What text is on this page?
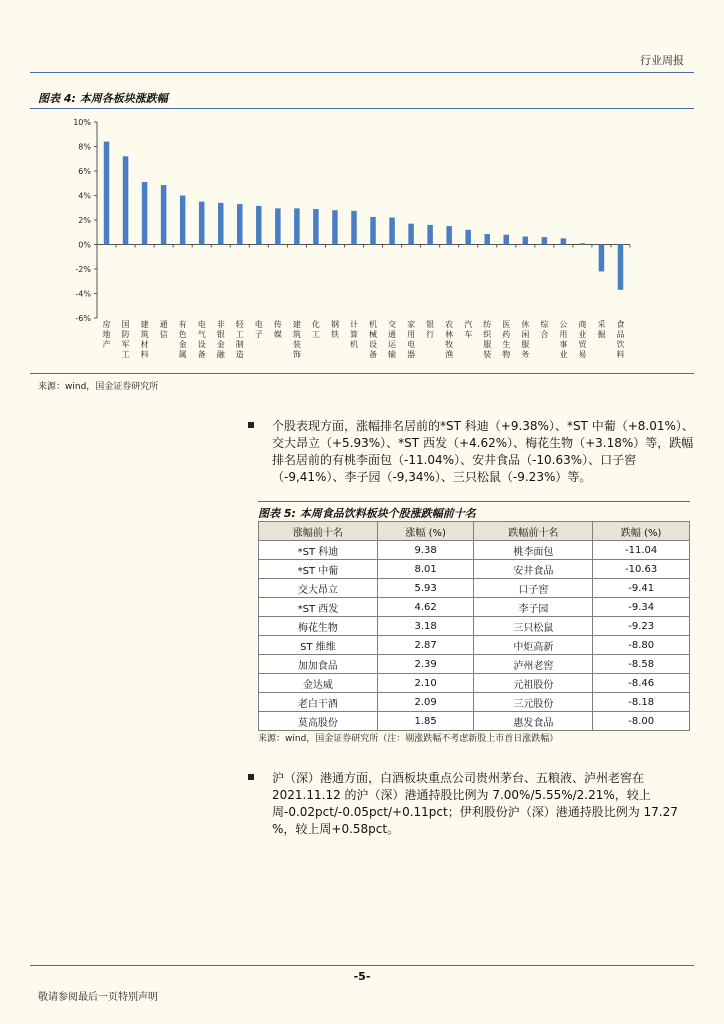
行业周报
图表 4: 本周各板块涨跌幅
10%
8%
6%
4%
2%
0%
-2%
-4%
-6%
房地产
国防军工
建筑材料
通信
有色金属
电气设备
非银金融
轻工制造
电子
传媒
建筑装饰
化工
钢铁
计算机
机械设备
交通运输
家用电器
银行
农林牧渔
汽车
纺织服装
医药生物
休闲服务
综合
公用事业
商业贸易
采掘
食品饮料
来源：wind，国金证券研究所
个股表现方面，涨幅排名居前的*ST 科迪（+9.38%）、*ST 中葡（+8.01%）、交大昂立（+5.93%）、*ST 西发（+4.62%）、梅花生物（+3.18%）等，跌幅排名居前的有桃李面包（-11.04%）、安井食品（-10.63%）、口子窖（-9,41%）、李子园（-9,34%）、三只松鼠（-9.23%）等。
图表 5: 本周食品饮料板块个股涨跌幅前十名
涨幅前十名	涨幅 (%)	跌幅前十名	跌幅 (%)
*ST 科迪	9.38	桃李面包	-11.04
*ST 中葡	8.01	安井食品	-10.63
交大昂立	5.93	口子窖	-9.41
*ST 西发	4.62	李子园	-9.34
梅花生物	3.18	三只松鼠	-9.23
ST 维维	2.87	中炬高新	-8.80
加加食品	2.39	泸州老窖	-8.58
金达威	2.10	元祖股份	-8.46
老白干酒	2.09	三元股份	-8.18
莫高股份	1.85	惠发食品	-8.00
来源：wind，国金证券研究所（注：剔涨跌幅不考虑新股上市首日涨跌幅）
沪（深）港通方面，白酒板块重点公司贵州茅台、五粮液、泸州老窖在 2021.11.12 的沪（深）港通持股比例为 7.00%/5.55%/2.21%，较上周-0.02pct/-0.05pct/+0.11pct；伊利股份沪（深）港通持股比例为 17.27 %，较上周+0.58pct。
-5-
敬请参阅最后一页特别声明
